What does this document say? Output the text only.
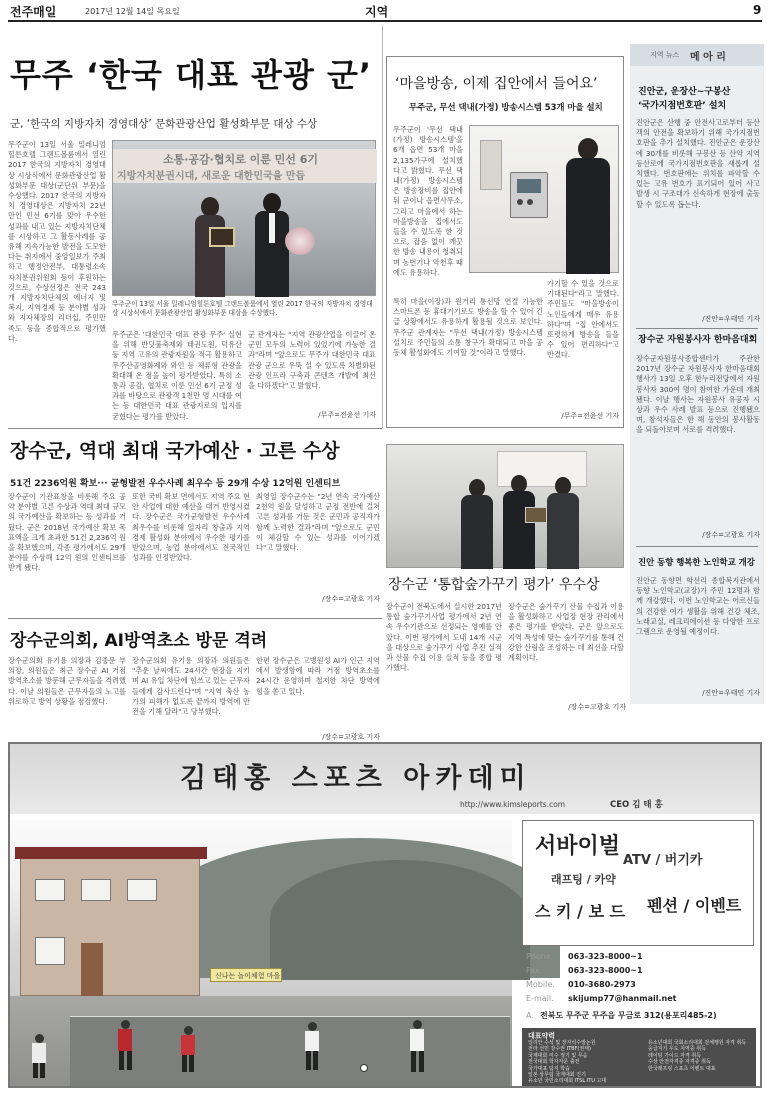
전주매일	2017년 12월 14일 목요일	지역	9
무주 ‘한국 대표 관광 군’
군, ‘한국의 지방자치 경영대상’ 문화관광산업 활성화부문 대상 수상
무주군이 13일 서울 밀레니엄힐튼호텔 그랜드볼룸에서 열린 2017 한국의 지방자치 경영대상 시상식에서 문화관광산업 활성화부문 대상(군단위 부문)을 수상했다. 2017 한국의 지방자치 경영대상은 지방자치 22년 만인 민선 6기를 맞아 우수한 성과를 내고 있는 지방자치단체를 시상하고 그 활동사례를 공유해 지속가능한 발전을 도모한다는 취지에서 중앙일보가 주최하고 행정안전부, 대통령소속 자치분권위원회 등이 후원하는 것으로, 수상선정은 전국 243개 지방자치단체의 에너지 및 복지, 지역경제 등 분야별 성과와 지자체장의 리더십, 주민만족도 등을 종합적으로 평가했다.
소통·공감·협치로 이룬 민선 6기
지방자치분권시대, 새로운 대한민국을 만듭
무주군이 13일 서울 밀레니엄힐튼호텔 그랜드볼룸에서 열린 2017 한국의 지방자치 경영대상 시상식에서 문화관광산업 활성화부문 대상을 수상했다.
무주군은 '대한민국 대표 관광 무주' 실현을 위해 반딧불축제와 태권도원, 덕유산 등 지역 고유의 관광자원을 적극 활용하고 무주산골영화제와 와인 등 체류형 관광을 확대해 온 점을 높이 평가받았다. 특히 소통과 공감, 협치로 이룬 민선 6기 군정 성과를 바탕으로 관광객 1천만 명 시대를 여는 등 대한민국 대표 관광지로의 입지를 굳혔다는 평가를 받았다.
군 관계자는 "지역 관광산업을 이끌어 온 군민 모두의 노력이 있었기에 가능한 결과"라며 "앞으로도 무주가 대한민국 대표 관광 군으로 우뚝 설 수 있도록 차별화된 관광 인프라 구축과 콘텐츠 개발에 최선을 다하겠다"고 밝혔다.
/무주=전윤선 기자
‘마을방송, 이제 집안에서 들어요’
무주군, 무선 댁내(가정) 방송시스템 53개 마을 설치
무주군이 '무선 댁내(가정) 방송시스템'을 6개 읍면 53개 마을 2,135가구에 설치했다고 밝혔다. 무선 댁내(가정) 방송시스템은 방송장비를 집안에 둬 군이나 읍면사무소, 그리고 마을에서 하는 마을방송을 집에서도 들을 수 있도록 한 것으로, 잡음 없이 깨끗한 방송 내용이 청취되며 농번기나 악천후 때에도 유용하다.
특히 마을(이장)과 원거리 통신망 연결 가능한 스마트폰 등 휴대기기로도 방송을 할 수 있어 긴급 상황에서도 유용하게 활용될 것으로 보인다. 무주군 관계자는 "무선 댁내(가정) 방송시스템 설치로 주민들의 소통 창구가 확대되고 마을 공동체 활성화에도 기여할 것"이라고 말했다.
가기할 수 있을 것으로 기대된다"라고 말했다. 주민들도 "마을방송이 노인들에게 매우 유용하다"며 "집 안에서도 또렷하게 방송을 들을 수 있어 편리하다"고 반겼다.
/무주=전윤선 기자
지역 뉴스 메 아 리
진안군, 운장산~구봉산
‘국가지점번호판’ 설치
진안군은 산행 중 안전사고로부터 등산객의 안전을 확보하기 위해 국가지점번호판을 추가 설치했다. 진안군은 운장산에 30개를 비롯해 구봉산 등 산악 지역 등산로에 국가지점번호판을 새롭게 설치했다. 번호판에는 위치를 파악할 수 있는 고유 번호가 표기되어 있어 사고 발생 시 구조대가 신속하게 현장에 출동할 수 있도록 돕는다.
/진안=우태민 기자
장수군 자원봉사자 한마음대회
장수군자원봉사종합센터가 주관한 2017년 장수군 자원봉사자 한마음대회 행사가 13일 오후 한누리전당에서 자원봉사자 300여 명이 참여한 가운데 개최됐다. 이날 행사는 자원봉사 유공자 시상과 우수 사례 발표 등으로 진행됐으며, 참석자들은 한 해 동안의 봉사활동을 되돌아보며 서로를 격려했다.
/장수=고광호 기자
진안 동향 행복한 노인학교 개강
진안군 동향면 학선리 종합복지관에서 동향 노인학교(교장)가 주민 12명과 함께 개강했다. 이번 노인학교는 어르신들의 건강한 여가 생활을 위해 건강 체조, 노래교실, 레크리에이션 등 다양한 프로그램으로 운영될 예정이다.
/진안=우태민 기자
장수군, 역대 최대 국가예산 · 고른 수상
51건 2236억원 확보··· 균형발전 우수사례 최우수 등 29개 수상 12억원 인센티브
장수군이 기관표창을 비롯해 주요 공약 분야별 고른 수상과 역대 최대 규모의 국가예산을 확보하는 등 성과를 거뒀다. 군은 2018년 국가예산 확보 목표액을 크게 초과한 51건 2,236억 원을 확보했으며, 각종 평가에서도 29개 분야를 수상해 12억 원의 인센티브를 받게 됐다.
또한 국비 확보 면에서도 지역 주요 현안 사업에 대한 예산을 대거 반영시켰다. 장수군은 국가균형발전 우수사례 최우수를 비롯해 일자리 창출과 지역 경제 활성화 분야에서 우수한 평가를 받았으며, 농업 분야에서도 전국적인 성과를 인정받았다.
최영일 장수군수는 "2년 연속 국가예산 2천억 원을 달성하고 군정 전반에 걸쳐 고른 성과를 거둔 것은 군민과 공직자가 함께 노력한 결과"라며 "앞으로도 군민이 체감할 수 있는 성과를 이어가겠다"고 말했다.
/장수=고광호 기자
장수군 ‘통합숲가꾸기 평가’ 우수상
장수군이 전북도에서 실시한 2017년 통합 숲가꾸기사업 평가에서 2년 연속 우수기관으로 선정되는 영예를 안았다. 이번 평가에서 도내 14개 시군을 대상으로 숲가꾸기 사업 추진 실적과 산물 수집 이용 실적 등을 종합 평가했다.
장수군은 숲가꾸기 산물 수집과 이용을 활성화하고 사업장 현장 관리에서 좋은 평가를 받았다. 군은 앞으로도 지역 특성에 맞는 숲가꾸기를 통해 건강한 산림을 조성하는 데 최선을 다할 계획이다.
/장수=고광호 기자
장수군의회, AI방역초소 방문 격려
장수군의회 유기용 의장과 김종문 부의장, 의원들은 최근 장수군 AI 거점 방역초소를 방문해 근무자들을 격려했다. 이날 의원들은 근무자들의 노고를 위로하고 방역 상황을 점검했다.
장수군의회 유기용 의장과 의원들은 "추운 날씨에도 24시간 현장을 지키며 AI 유입 차단에 힘쓰고 있는 근무자들에게 감사드린다"며 "지역 축산 농가의 피해가 없도록 끝까지 방역에 만전을 기해 달라"고 당부했다.
한편 장수군은 고병원성 AI가 인근 지역에서 발생함에 따라 거점 방역초소를 24시간 운영하며 철저한 차단 방역에 힘을 쏟고 있다.
/장수=고광호 기자
김태홍 스포츠 아카데미
http://www.kimsleports.com	CEO 김 태 홍
신나는 놀이체험 마을
서바이벌
ATV / 버기카
래프팅 / 카약
스 키 / 보 드 펜션 / 이벤트
Phone. 063-323-8000~1
Fax.	063-323-8000~1
Mobile. 010-3680-2973
E-mail. skijump77@hanmail.net
A. 전북도 무주군 무주읍 무금로 312(용포리485-2)
대표약력
일리안 수석 및 장자석수발논원
전라 선민 강수권 ITBF(권태)
국제대회 미수 정기 및 무음
전국대회 학자자문 출전
국가대표 팀지 학습
일본 상무팀 국제대회 진기
유소년 국민소리대회 ITSL.ITU 고대
유소년대회 국회소리대회 전체행원 자격 취득
응급지기 우도 지역증 취득
레이팅 가이드 자격 취득
수상 안전자격증 자격증 취득
한국래프팅 스포츠 이벤트 대표
